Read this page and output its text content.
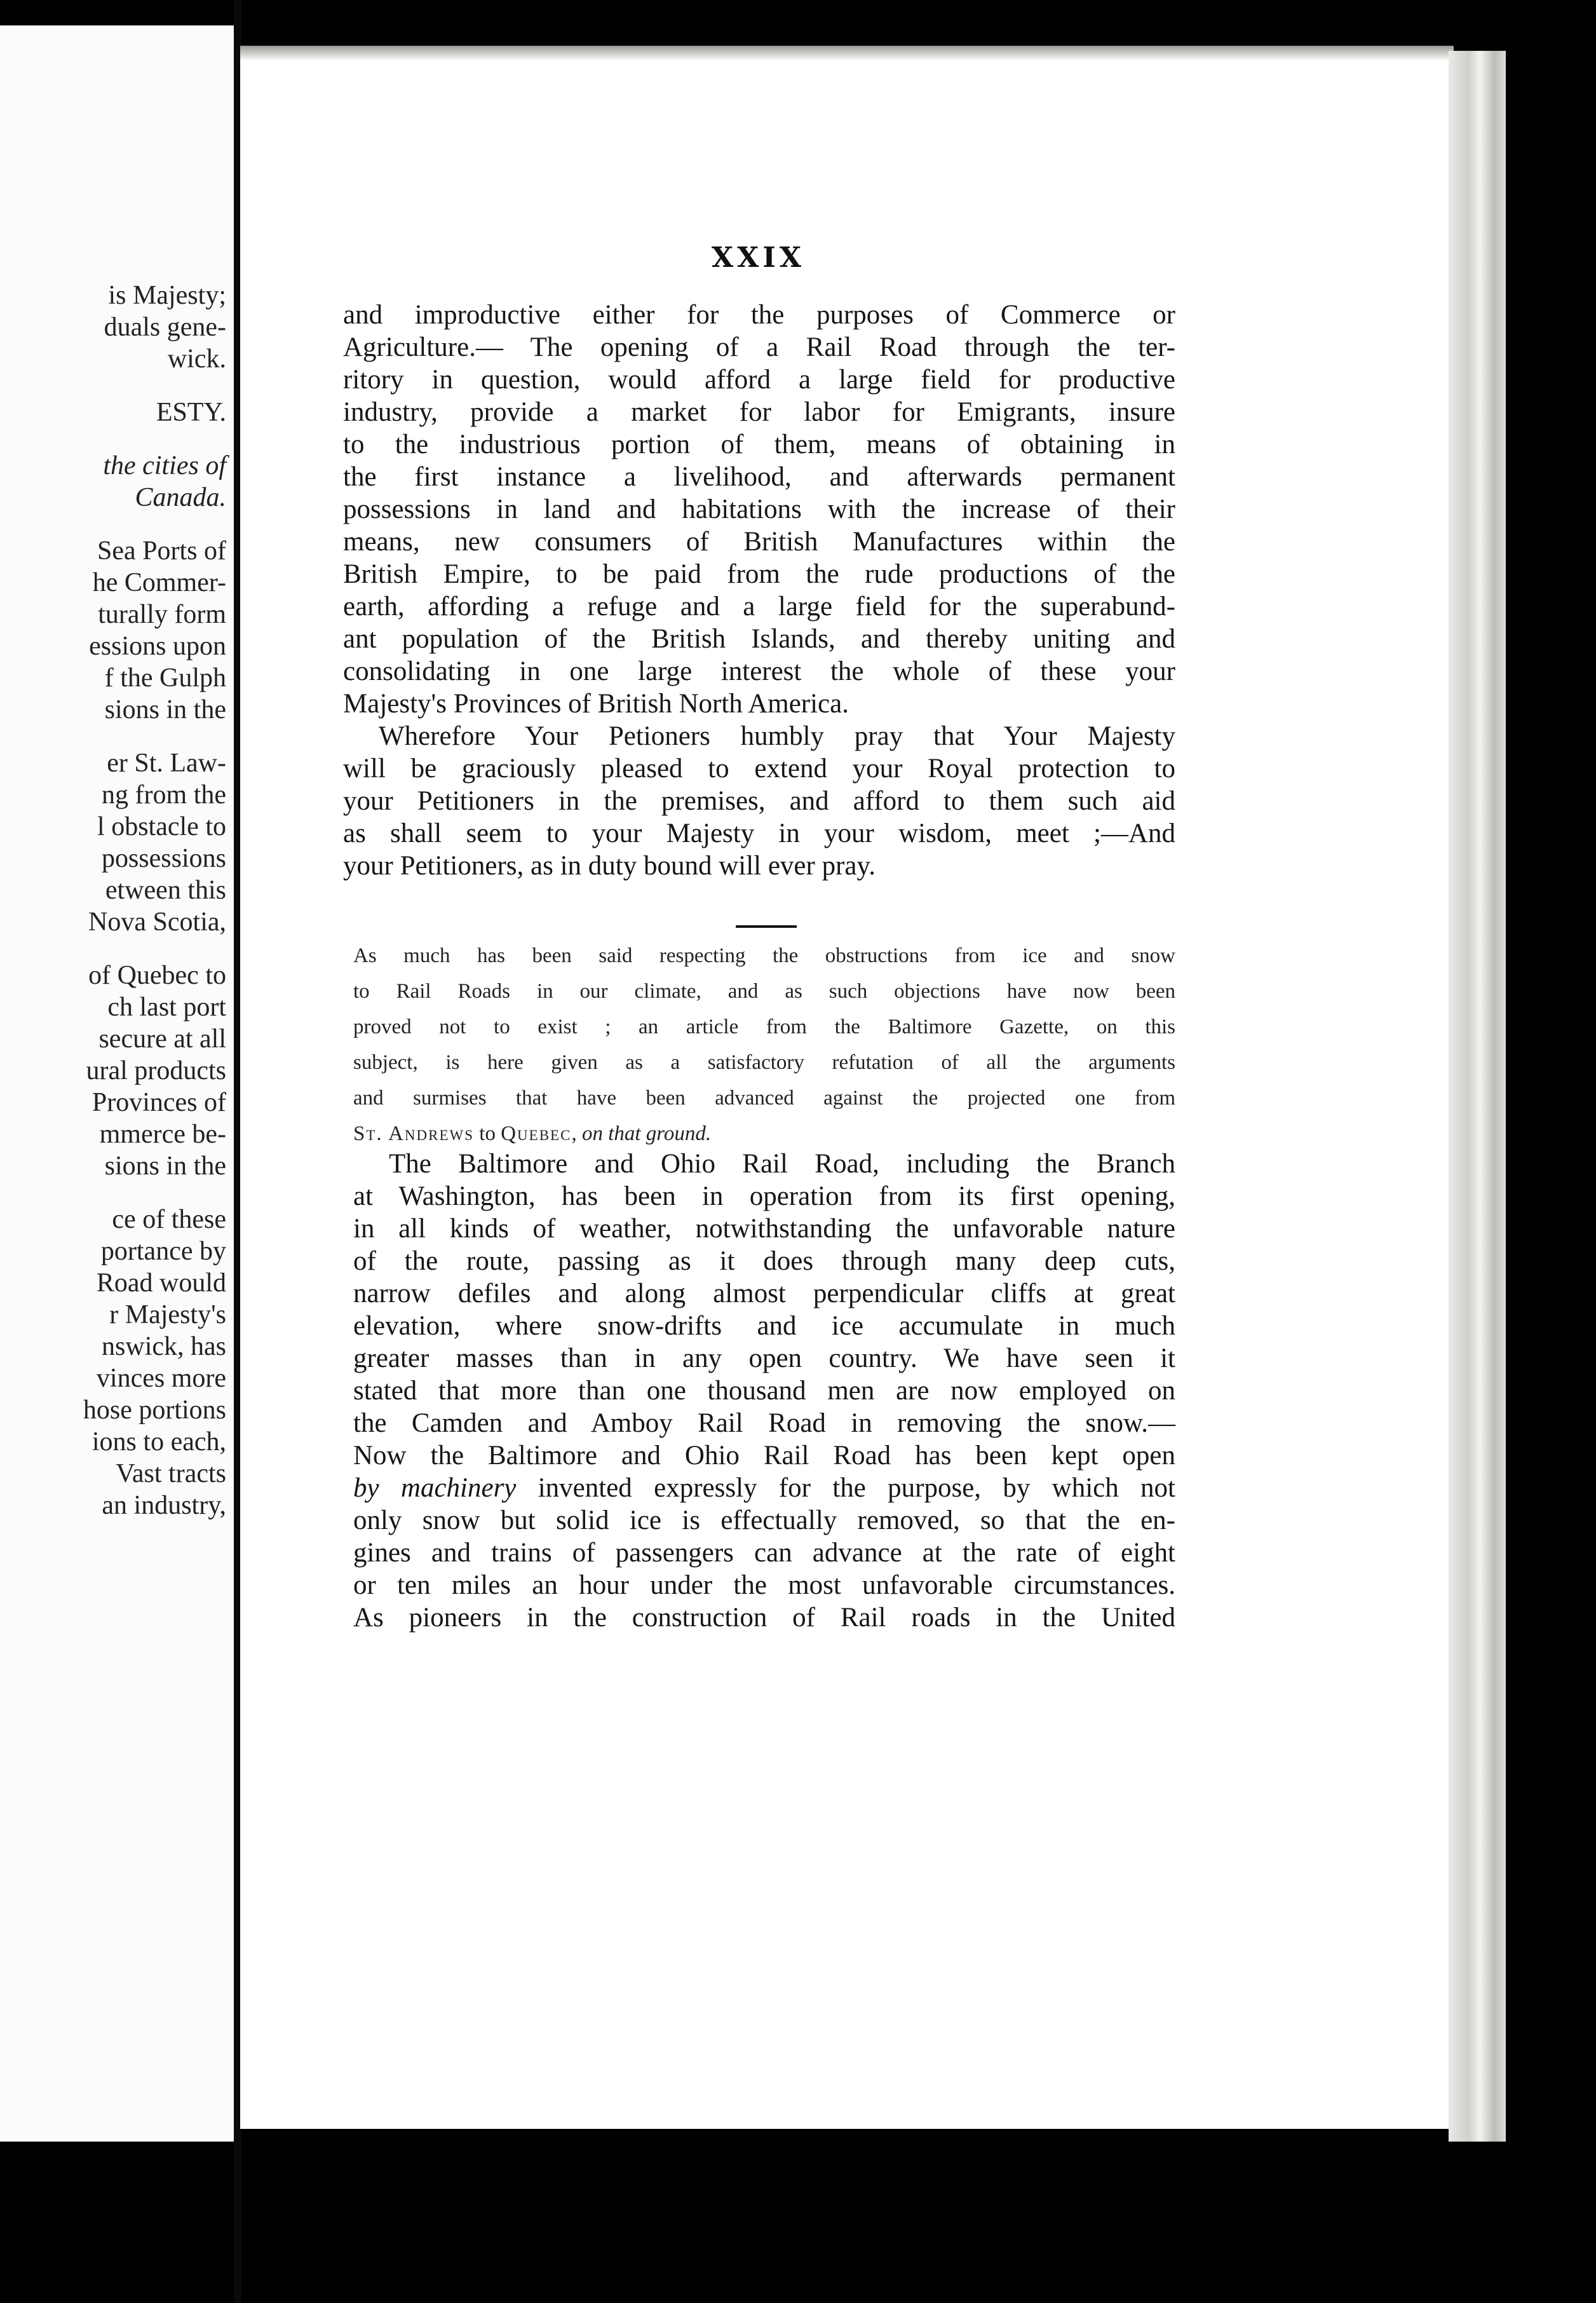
is Majesty;
duals gene-
wick.
ESTY.
the cities of
Canada.
Sea Ports of
he Commer-
turally form
essions upon
f the Gulph
sions in the
er St. Law-
ng from the
l obstacle to
possessions
etween this
Nova Scotia,
of Quebec to
ch last port
secure at all
ural products
Provinces of
mmerce be-
sions in the
ce of these
portance by
Road would
r Majesty's
nswick, has
vinces more
hose portions
ions to each,
Vast tracts
an industry,
XXIX
and improductive either for the purposes of Commerce or
Agriculture.— The opening of a Rail Road through the ter-
ritory in question, would afford a large field for productive
industry, provide a market for labor for Emigrants, insure
to the industrious portion of them, means of obtaining in
the first instance a livelihood, and afterwards permanent
possessions in land and habitations with the increase of their
means, new consumers of British Manufactures within the
British Empire, to be paid from the rude productions of the
earth, affording a refuge and a large field for the superabund-
ant population of the British Islands, and thereby uniting and
consolidating in one large interest the whole of these your
Majesty's Provinces of British North America.
Wherefore Your Petioners humbly pray that Your Majesty
will be graciously pleased to extend your Royal protection to
your Petitioners in the premises, and afford to them such aid
as shall seem to your Majesty in your wisdom, meet ;—And
your Petitioners, as in duty bound will ever pray.
As much has been said respecting the obstructions from ice and snow
to Rail Roads in our climate, and as such objections have now been
proved not to exist ; an article from the Baltimore Gazette, on this
subject, is here given as a satisfactory refutation of all the arguments
and surmises that have been advanced against the projected one from
St. Andrews to Quebec, on that ground.
The Baltimore and Ohio Rail Road, including the Branch
at Washington, has been in operation from its first opening,
in all kinds of weather, notwithstanding the unfavorable nature
of the route, passing as it does through many deep cuts,
narrow defiles and along almost perpendicular cliffs at great
elevation, where snow-drifts and ice accumulate in much
greater masses than in any open country. We have seen it
stated that more than one thousand men are now employed on
the Camden and Amboy Rail Road in removing the snow.—
Now the Baltimore and Ohio Rail Road has been kept open
by machinery invented expressly for the purpose, by which not
only snow but solid ice is effectually removed, so that the en-
gines and trains of passengers can advance at the rate of eight
or ten miles an hour under the most unfavorable circumstances.
As pioneers in the construction of Rail roads in the United
